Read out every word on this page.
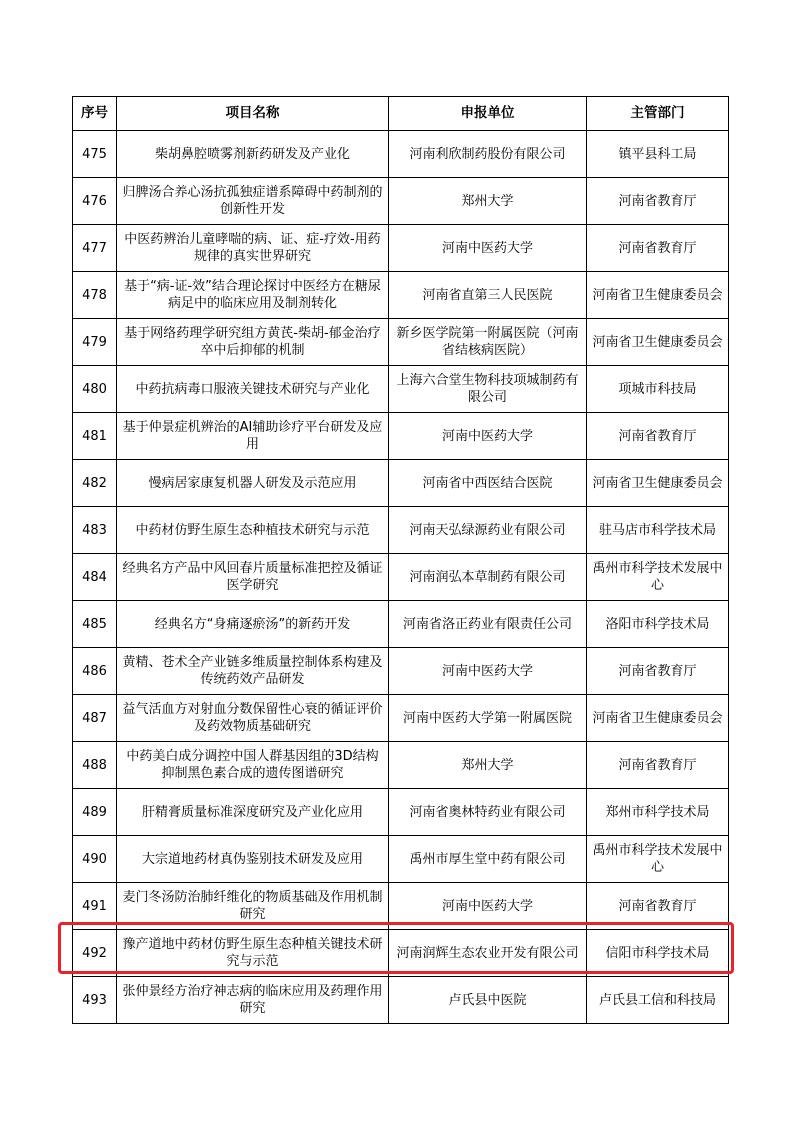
序号	项目名称	申报单位	主管部门
475	柴胡鼻腔喷雾剂新药研发及产业化	河南利欣制药股份有限公司	镇平县科工局
476	归脾汤合养心汤抗孤独症谱系障碍中药制剂的创新性开发	郑州大学	河南省教育厅
477	中医药辨治儿童哮喘的病、证、症-疗效-用药规律的真实世界研究	河南中医药大学	河南省教育厅
478	基于“病-证-效”结合理论探讨中医经方在糖尿病足中的临床应用及制剂转化	河南省直第三人民医院	河南省卫生健康委员会
479	基于网络药理学研究组方黄芪-柴胡-郁金治疗卒中后抑郁的机制	新乡医学院第一附属医院（河南省结核病医院）	河南省卫生健康委员会
480	中药抗病毒口服液关键技术研究与产业化	上海六合堂生物科技项城制药有限公司	项城市科技局
481	基于仲景症机辨治的AI辅助诊疗平台研发及应用	河南中医药大学	河南省教育厅
482	慢病居家康复机器人研发及示范应用	河南省中西医结合医院	河南省卫生健康委员会
483	中药材仿野生原生态种植技术研究与示范	河南天弘绿源药业有限公司	驻马店市科学技术局
484	经典名方产品中风回春片质量标准把控及循证医学研究	河南润弘本草制药有限公司	禹州市科学技术发展中心
485	经典名方“身痛逐瘀汤”的新药开发	河南省洛正药业有限责任公司	洛阳市科学技术局
486	黄精、苍术全产业链多维质量控制体系构建及传统药效产品研发	河南中医药大学	河南省教育厅
487	益气活血方对射血分数保留性心衰的循证评价及药效物质基础研究	河南中医药大学第一附属医院	河南省卫生健康委员会
488	中药美白成分调控中国人群基因组的3D结构抑制黑色素合成的遗传图谱研究	郑州大学	河南省教育厅
489	肝精膏质量标准深度研究及产业化应用	河南省奥林特药业有限公司	郑州市科学技术局
490	大宗道地药材真伪鉴别技术研发及应用	禹州市厚生堂中药有限公司	禹州市科学技术发展中心
491	麦门冬汤防治肺纤维化的物质基础及作用机制研究	河南中医药大学	河南省教育厅
492	豫产道地中药材仿野生原生态种植关键技术研究与示范	河南润辉生态农业开发有限公司	信阳市科学技术局
493	张仲景经方治疗神志病的临床应用及药理作用研究	卢氏县中医院	卢氏县工信和科技局
